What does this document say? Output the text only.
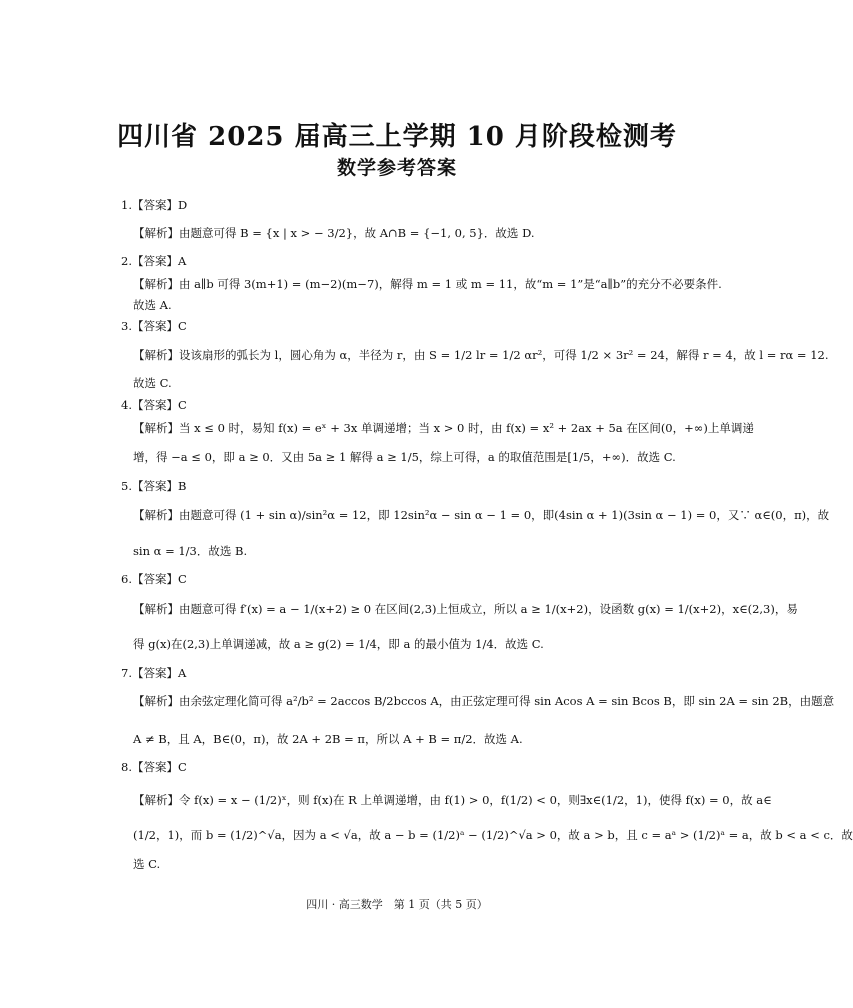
四川省 2025 届高三上学期 10 月阶段检测考
数学参考答案
1.【答案】D
【解析】由题意可得 B = {x | x > − 3/2}，故 A∩B = {−1, 0, 5}．故选 D.
2.【答案】A
【解析】由 a∥b 可得 3(m+1) = (m−2)(m−7)，解得 m = 1 或 m = 11，故“m = 1”是“a∥b”的充分不必要条件.
故选 A.
3.【答案】C
【解析】设该扇形的弧长为 l，圆心角为 α，半径为 r，由 S = 1/2 lr = 1/2 αr²，可得 1/2 × 3r² = 24，解得 r = 4，故 l = rα = 12.
故选 C.
4.【答案】C
【解析】当 x ≤ 0 时，易知 f(x) = eˣ + 3x 单调递增；当 x > 0 时，由 f(x) = x² + 2ax + 5a 在区间(0，+∞)上单调递
增，得 −a ≤ 0，即 a ≥ 0．又由 5a ≥ 1 解得 a ≥ 1/5，综上可得，a 的取值范围是[1/5，+∞)．故选 C.
5.【答案】B
【解析】由题意可得 (1 + sin α)/sin²α = 12，即 12sin²α − sin α − 1 = 0，即(4sin α + 1)(3sin α − 1) = 0，又∵ α∈(0，π)，故
sin α = 1/3．故选 B.
6.【答案】C
【解析】由题意可得 f′(x) = a − 1/(x+2) ≥ 0 在区间(2,3)上恒成立，所以 a ≥ 1/(x+2)，设函数 g(x) = 1/(x+2)，x∈(2,3)，易
得 g(x)在(2,3)上单调递减，故 a ≥ g(2) = 1/4，即 a 的最小值为 1/4．故选 C.
7.【答案】A
【解析】由余弦定理化简可得 a²/b² = 2accos B/2bccos A，由正弦定理可得 sin Acos A = sin Bcos B，即 sin 2A = sin 2B，由题意
A ≠ B，且 A，B∈(0，π)，故 2A + 2B = π，所以 A + B = π/2．故选 A.
8.【答案】C
【解析】令 f(x) = x − (1/2)ˣ，则 f(x)在 R 上单调递增，由 f(1) > 0，f(1/2) < 0，则∃x∈(1/2，1)，使得 f(x) = 0，故 a∈
(1/2，1)，而 b = (1/2)^√a，因为 a < √a，故 a − b = (1/2)ᵃ − (1/2)^√a > 0，故 a > b，且 c = aᵃ > (1/2)ᵃ = a，故 b < a < c．故
选 C.
四川 · 高三数学　第 1 页（共 5 页）
